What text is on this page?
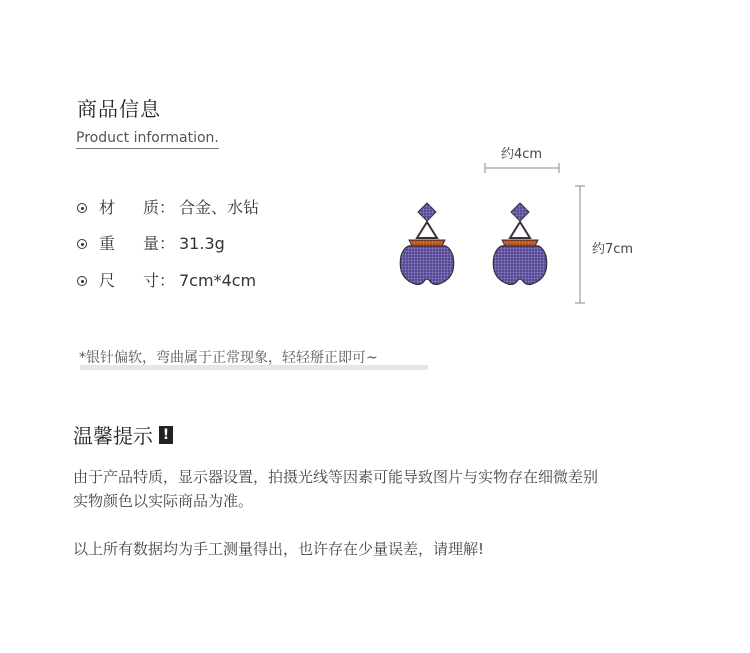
商品信息
Product information.
材 质： 合金、水钻
重 量： 31.3g
尺 寸： 7cm*4cm
约4cm
约7cm
*银针偏软，弯曲属于正常现象，轻轻掰正即可~
温馨提示 !
由于产品特质，显示器设置，拍摄光线等因素可能导致图片与实物存在细微差别
实物颜色以实际商品为准。
以上所有数据均为手工测量得出，也许存在少量误差，请理解!
